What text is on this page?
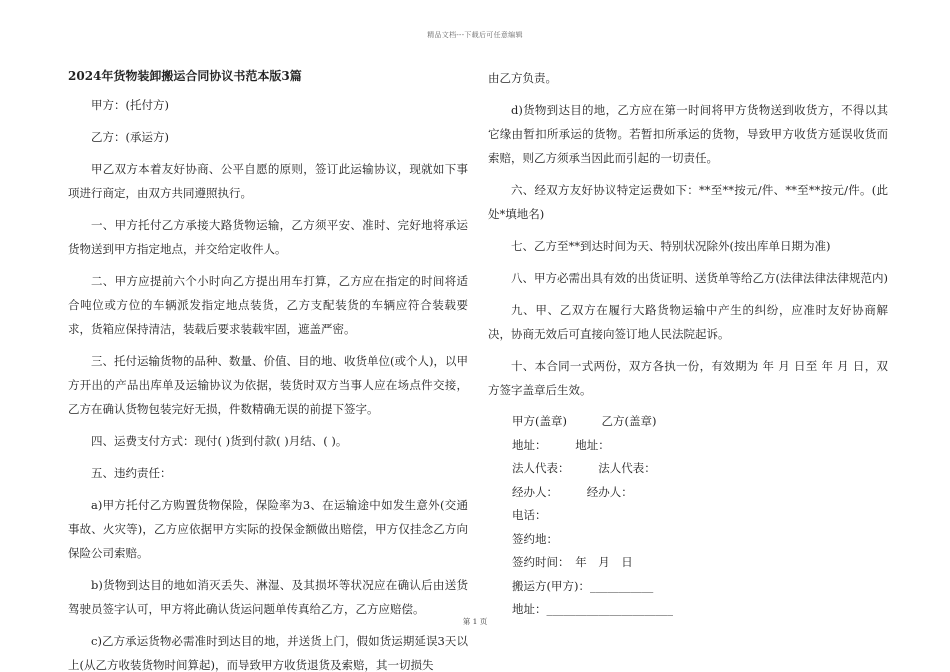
精品文档---下载后可任意编辑
2024年货物装卸搬运合同协议书范本版3篇

甲方：(托付方)

乙方：(承运方)

甲乙双方本着友好协商、公平自愿的原则，签订此运输协议，现就如下事项进行商定，由双方共同遵照执行。

一、甲方托付乙方承接大路货物运输，乙方须平安、准时、完好地将承运货物送到甲方指定地点，并交给定收件人。

二、甲方应提前六个小时向乙方提出用车打算，乙方应在指定的时间将适合吨位或方位的车辆派发指定地点装货，乙方支配装货的车辆应符合装载要求，货箱应保持清洁，装载后要求装载牢固，遮盖严密。

三、托付运输货物的品种、数量、价值、目的地、收货单位(或个人)，以甲方开出的产品出库单及运输协议为依据，装货时双方当事人应在场点件交接，乙方在确认货物包装完好无损，件数精确无误的前提下签字。

四、运费支付方式：现付( )货到付款( )月结、( )。

五、违约责任：

a)甲方托付乙方购置货物保险，保险率为3、在运输途中如发生意外(交通事故、火灾等)，乙方应依据甲方实际的投保金额做出赔偿，甲方仅挂念乙方向保险公司索赔。

b)货物到达目的地如消灭丢失、淋湿、及其损坏等状况应在确认后由送货驾驶员签字认可，甲方将此确认货运问题单传真给乙方，乙方应赔偿。

c)乙方承运货物必需准时到达目的地，并送货上门，假如货运期延误3天以上(从乙方收装货物时间算起)，而导致甲方收货退货及索赔，其一切损失

由乙方负责。

d)货物到达目的地，乙方应在第一时间将甲方货物送到收货方，不得以其它缘由暂扣所承运的货物。若暂扣所承运的货物，导致甲方收货方延误收货而索赔，则乙方须承当因此而引起的一切责任。

六、经双方友好协议特定运费如下：**至**按元/件、**至**按元/件。(此处*填地名)

七、乙方至**到达时间为天、特别状况除外(按出库单日期为准)

八、甲方必需出具有效的出货证明、送货单等给乙方(法律法律法律规范内)

九、甲、乙双方在履行大路货物运输中产生的纠纷，应准时友好协商解决，协商无效后可直接向签订地人民法院起诉。

十、本合同一式两份，双方各执一份，有效期为 年 月 日至 年 月 日，双方签字盖章后生效。

甲方(盖章)　　　乙方(盖章)

地址：　　　地址：

法人代表：　　　法人代表：

经办人：　　　经办人：

电话：

签约地：

签约时间：　年　月　日

搬运方(甲方)：___________

地址：______________________

第 1 页
